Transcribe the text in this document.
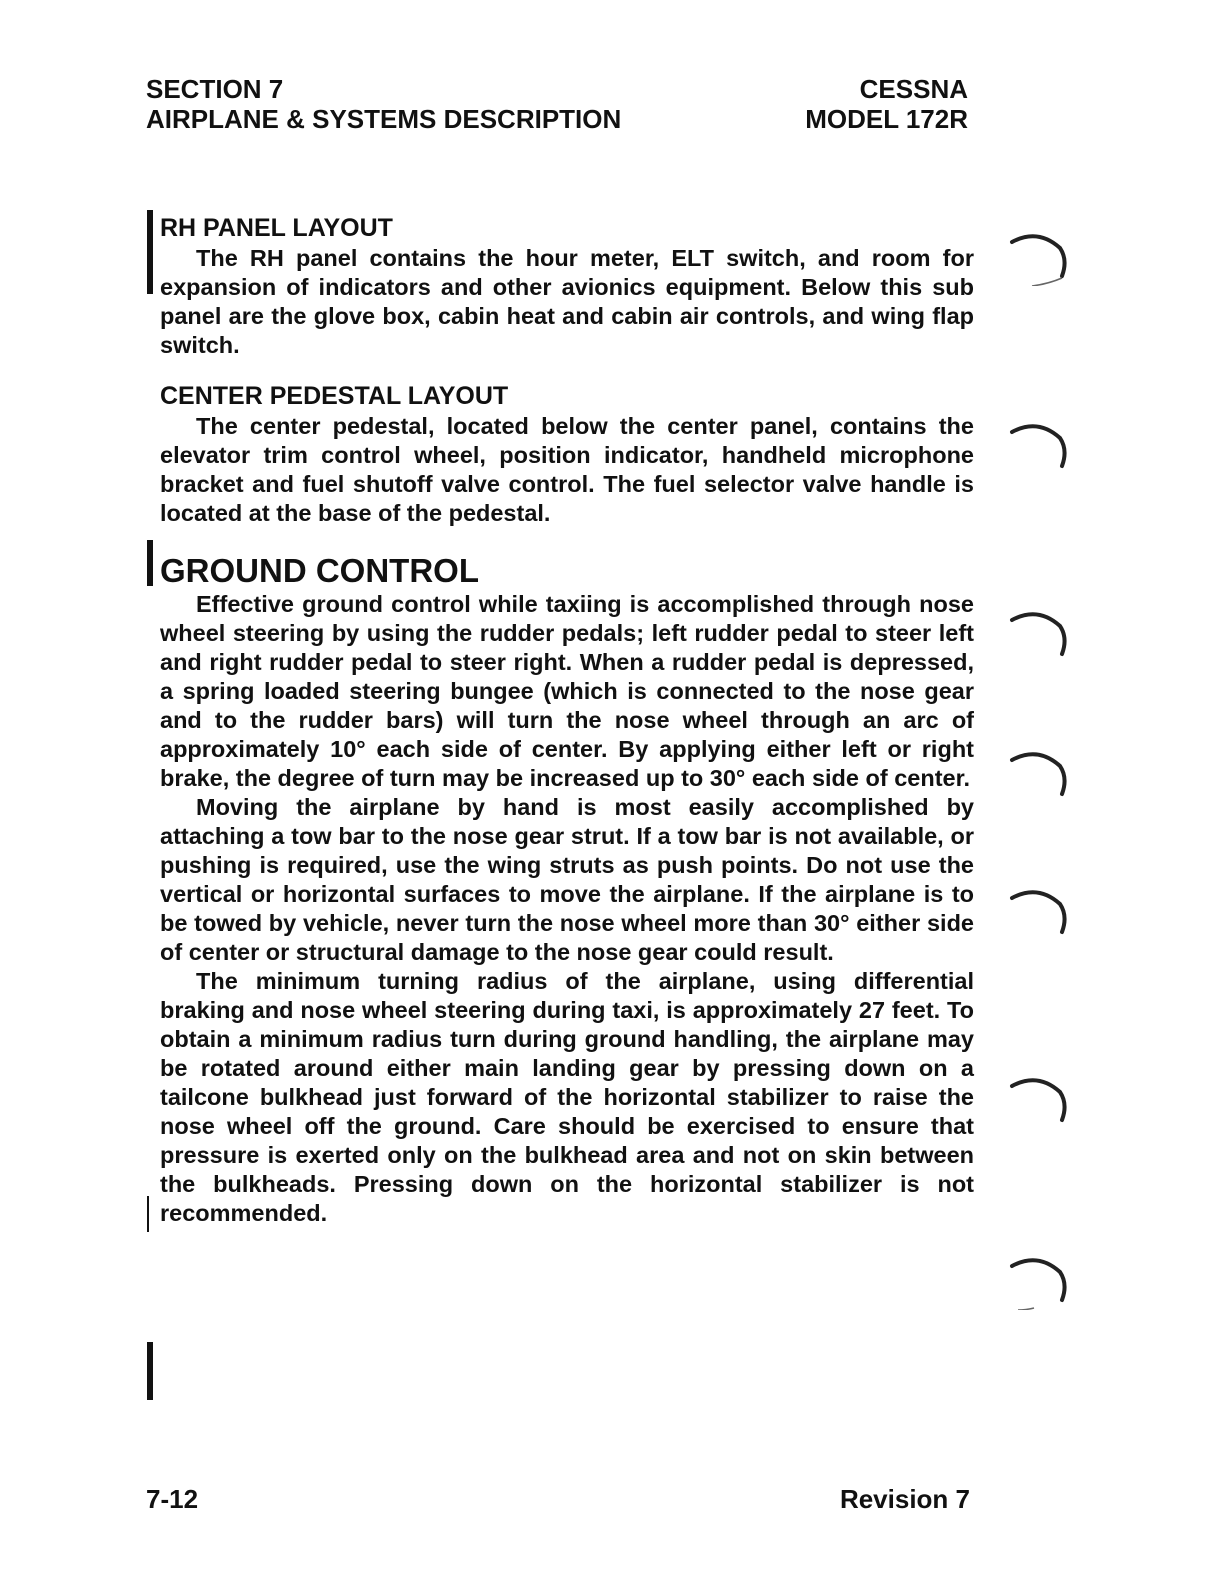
SECTION 7
AIRPLANE & SYSTEMS DESCRIPTION
CESSNA
MODEL 172R
RH PANEL LAYOUT

The RH panel contains the hour meter, ELT switch, and room for expansion of indicators and other avionics equipment. Below this sub panel are the glove box, cabin heat and cabin air controls, and wing flap switch.

CENTER PEDESTAL LAYOUT

The center pedestal, located below the center panel, contains the elevator trim control wheel, position indicator, handheld microphone bracket and fuel shutoff valve control. The fuel selector valve handle is located at the base of the pedestal.

GROUND CONTROL

Effective ground control while taxiing is accomplished through nose wheel steering by using the rudder pedals; left rudder pedal to steer left and right rudder pedal to steer right. When a rudder pedal is depressed, a spring loaded steering bungee (which is connected to the nose gear and to the rudder bars) will turn the nose wheel through an arc of approximately 10° each side of center. By applying either left or right brake, the degree of turn may be increased up to 30° each side of center.

Moving the airplane by hand is most easily accomplished by attaching a tow bar to the nose gear strut. If a tow bar is not available, or pushing is required, use the wing struts as push points. Do not use the vertical or horizontal surfaces to move the airplane. If the airplane is to be towed by vehicle, never turn the nose wheel more than 30° either side of center or structural damage to the nose gear could result.

The minimum turning radius of the airplane, using differential braking and nose wheel steering during taxi, is approximately 27 feet. To obtain a minimum radius turn during ground handling, the airplane may be rotated around either main landing gear by pressing down on a tailcone bulkhead just forward of the horizontal stabilizer to raise the nose wheel off the ground. Care should be exercised to ensure that pressure is exerted only on the bulkhead area and not on skin between the bulkheads. Pressing down on the horizontal stabilizer is not recommended.

7-12	Revision 7
